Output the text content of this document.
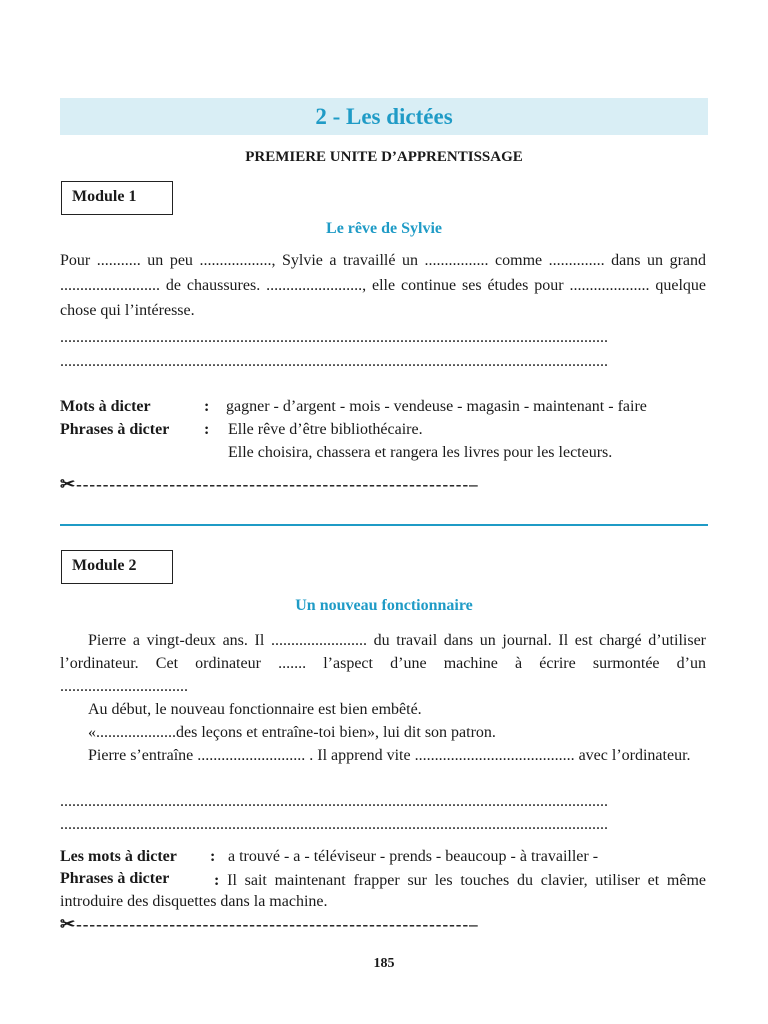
2 - Les dictées
PREMIERE UNITE D’APPRENTISSAGE
Module 1
Le rêve de Sylvie
Pour ........... un peu .................., Sylvie a travaillé un ................ comme .............. dans un grand ......................... de chaussures. ........................, elle continue ses études pour .................... quelque chose qui l’intéresse.
.........................................................................................................................................
.........................................................................................................................................
Mots à dicter	: gagner - d’argent - mois - vendeuse - magasin - maintenant - faire
Phrases à dicter : Elle rêve d’être bibliothécaire.
Elle choisira, chassera et rangera les livres pour les lecteurs.
✂-----------------------------------------------------------–
Module 2
Un nouveau fonctionnaire
Pierre a vingt-deux ans. Il ........................ du travail dans un journal. Il est chargé d’utiliser l’ordinateur. Cet ordinateur ....... l’aspect d’une machine à écrire surmontée d’un ................................
Au début, le nouveau fonctionnaire est bien embêté.
«....................des leçons et entraîne-toi bien», lui dit son patron.
Pierre s’entraîne ........................... . Il apprend vite ........................................ avec l’ordinateur.
.........................................................................................................................................
.........................................................................................................................................
Les mots à dicter : a trouvé - a - téléviseur - prends - beaucoup - à travailler -
Phrases à dicter	: Il sait maintenant frapper sur les touches du clavier, utiliser et même introduire des disquettes dans la machine.
✂-----------------------------------------------------------–
185
